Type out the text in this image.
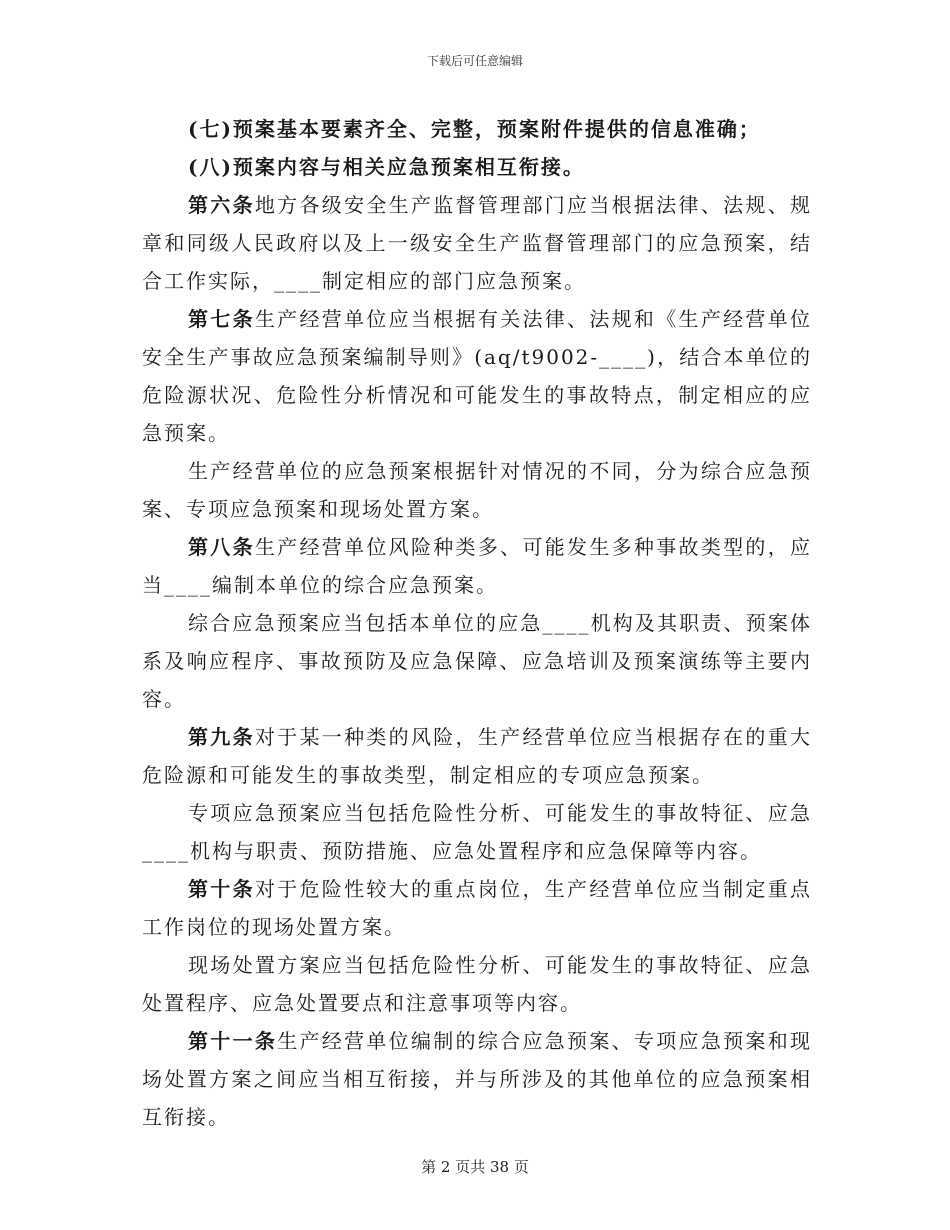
下载后可任意编辑

(七)预案基本要素齐全、完整，预案附件提供的信息准确；

(八)预案内容与相关应急预案相互衔接。

第六条地方各级安全生产监督管理部门应当根据法律、法规、规章和同级人民政府以及上一级安全生产监督管理部门的应急预案，结合工作实际，____制定相应的部门应急预案。

第七条生产经营单位应当根据有关法律、法规和《生产经营单位安全生产事故应急预案编制导则》(aq/t9002-____)，结合本单位的危险源状况、危险性分析情况和可能发生的事故特点，制定相应的应急预案。

生产经营单位的应急预案根据针对情况的不同，分为综合应急预案、专项应急预案和现场处置方案。

第八条生产经营单位风险种类多、可能发生多种事故类型的，应当____编制本单位的综合应急预案。

综合应急预案应当包括本单位的应急____机构及其职责、预案体系及响应程序、事故预防及应急保障、应急培训及预案演练等主要内容。

第九条对于某一种类的风险，生产经营单位应当根据存在的重大危险源和可能发生的事故类型，制定相应的专项应急预案。

专项应急预案应当包括危险性分析、可能发生的事故特征、应急____机构与职责、预防措施、应急处置程序和应急保障等内容。

第十条对于危险性较大的重点岗位，生产经营单位应当制定重点工作岗位的现场处置方案。

现场处置方案应当包括危险性分析、可能发生的事故特征、应急处置程序、应急处置要点和注意事项等内容。

第十一条生产经营单位编制的综合应急预案、专项应急预案和现场处置方案之间应当相互衔接，并与所涉及的其他单位的应急预案相互衔接。

第 2 页共 38 页
